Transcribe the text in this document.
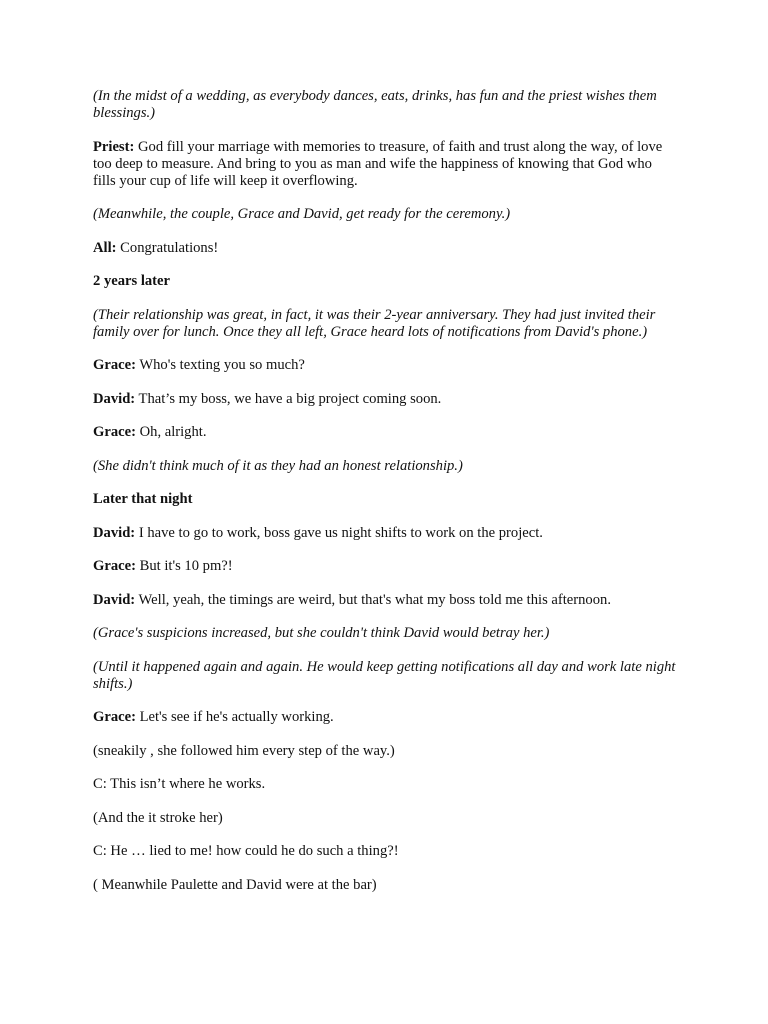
(In the midst of a wedding, as everybody dances, eats, drinks, has fun and the priest wishes them blessings.)

Priest: God fill your marriage with memories to treasure, of faith and trust along the way, of love too deep to measure. And bring to you as man and wife the happiness of knowing that God who fills your cup of life will keep it overflowing.

(Meanwhile, the couple, Grace and David, get ready for the ceremony.)

All: Congratulations!

2 years later

(Their relationship was great, in fact, it was their 2-year anniversary. They had just invited their family over for lunch. Once they all left, Grace heard lots of notifications from David's phone.)

Grace: Who's texting you so much?

David: That’s my boss, we have a big project coming soon.

Grace: Oh, alright.

(She didn't think much of it as they had an honest relationship.)

Later that night

David: I have to go to work, boss gave us night shifts to work on the project.

Grace: But it's 10 pm?!

David: Well, yeah, the timings are weird, but that's what my boss told me this afternoon.

(Grace's suspicions increased, but she couldn't think David would betray her.)

(Until it happened again and again. He would keep getting notifications all day and work late night shifts.)

Grace: Let's see if he's actually working.

(sneakily , she followed him every step of the way.)

C: This isn’t where he works.

(And the it stroke her)

C: He … lied to me! how could he do such a thing?!

( Meanwhile Paulette and David were at the bar)
